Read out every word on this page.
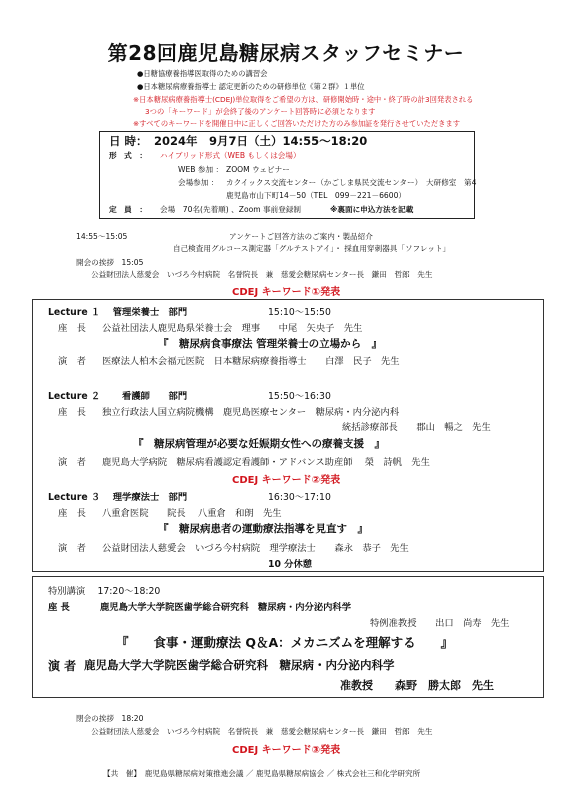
第28回鹿児島糖尿病スタッフセミナー
●日糖協療養指導医取得のための講習会
●日本糖尿病療養指導士 認定更新のための研修単位《第２群》１単位
※日本糖尿病療養指導士(CDEJ)単位取得をご希望の方は、研修開始時・途中・終了時の計3回発表される
3つの「キーワード」が会終了後のアンケート回答時に必須となります
※すべてのキーワードを開催日中に正しくご回答いただけた方のみ参加証を発行させていただきます
日 時： 2024年　9月7日（土）14:55～18:20
形　式　： ハイブリッド形式（WEB もしくは会場）
WEB 参加 ： ZOOM ウェビナー
会場参加 ： カクイックス交流センター（かごしま県民交流センター）　大研修室　第4
鹿児島市山下町14－50（TEL　099－221－6600）
定　員　： 会場　70名(先着順) 、Zoom 事前登録制	※裏面に申込方法を記載
14:55～15:05	アンケートご回答方法のご案内・製品紹介
自己検査用グルコース測定器「グルテストアイ」・ 採血用穿刺器具「ソフレット」
開会の挨拶　15:05
公益財団法人慈愛会　いづろ今村病院　名誉院長　兼　慈愛会糖尿病センター長　鎌田　哲郎　先生
CDEJ キーワード①発表
Lecture １　 管理栄養士　部門	15:10～15:50
座　長 公益社団法人鹿児島県栄養士会　理事　　中尾　矢央子　先生
『　糖尿病食事療法 管理栄養士の立場から　』
演　者 医療法人柏木会福元医院　日本糖尿病療養指導士　　白澤　民子　先生
Lecture ２ 　　看護師　　部門	15:50～16:30
座　長 独立行政法人国立病院機構　鹿児島医療センター　糖尿病・内分泌内科
統括診療部長　　郡山　暢之　先生
『　糖尿病管理が必要な妊娠期女性への療養支援　』
演　者 鹿児島大学病院　糖尿病看護認定看護師・アドバンス助産師　 榮　詩帆　先生
CDEJ キーワード②発表
Lecture ３　 理学療法士　部門	16:30～17:10
座　長 八重倉医院　　院長　 八重倉　和朗　先生
『　糖尿病患者の運動療法指導を見直す　』
演　者 公益財団法人慈愛会　いづろ今村病院　理学療法士　　森永　恭子　先生
10 分休憩
特別講演　 17:20～18:20
座 長	鹿児島大学大学院医歯学総合研究科　糖尿病・内分泌内科学
特例准教授　　出口　尚寿　先生
『　　食事・運動療法 Q＆A：メカニズムを理解する　　』
演 者 鹿児島大学大学院医歯学総合研究科　糖尿病・内分泌内科学
准教授　　森野　勝太郎　先生
閉会の挨拶　18:20
公益財団法人慈愛会　いづろ今村病院　名誉院長　兼　慈愛会糖尿病センター長　鎌田　哲郎　先生
CDEJ キーワード③発表
【共　催】　鹿児島県糖尿病対策推進会議 ／ 鹿児島県糖尿病協会 ／ 株式会社三和化学研究所
